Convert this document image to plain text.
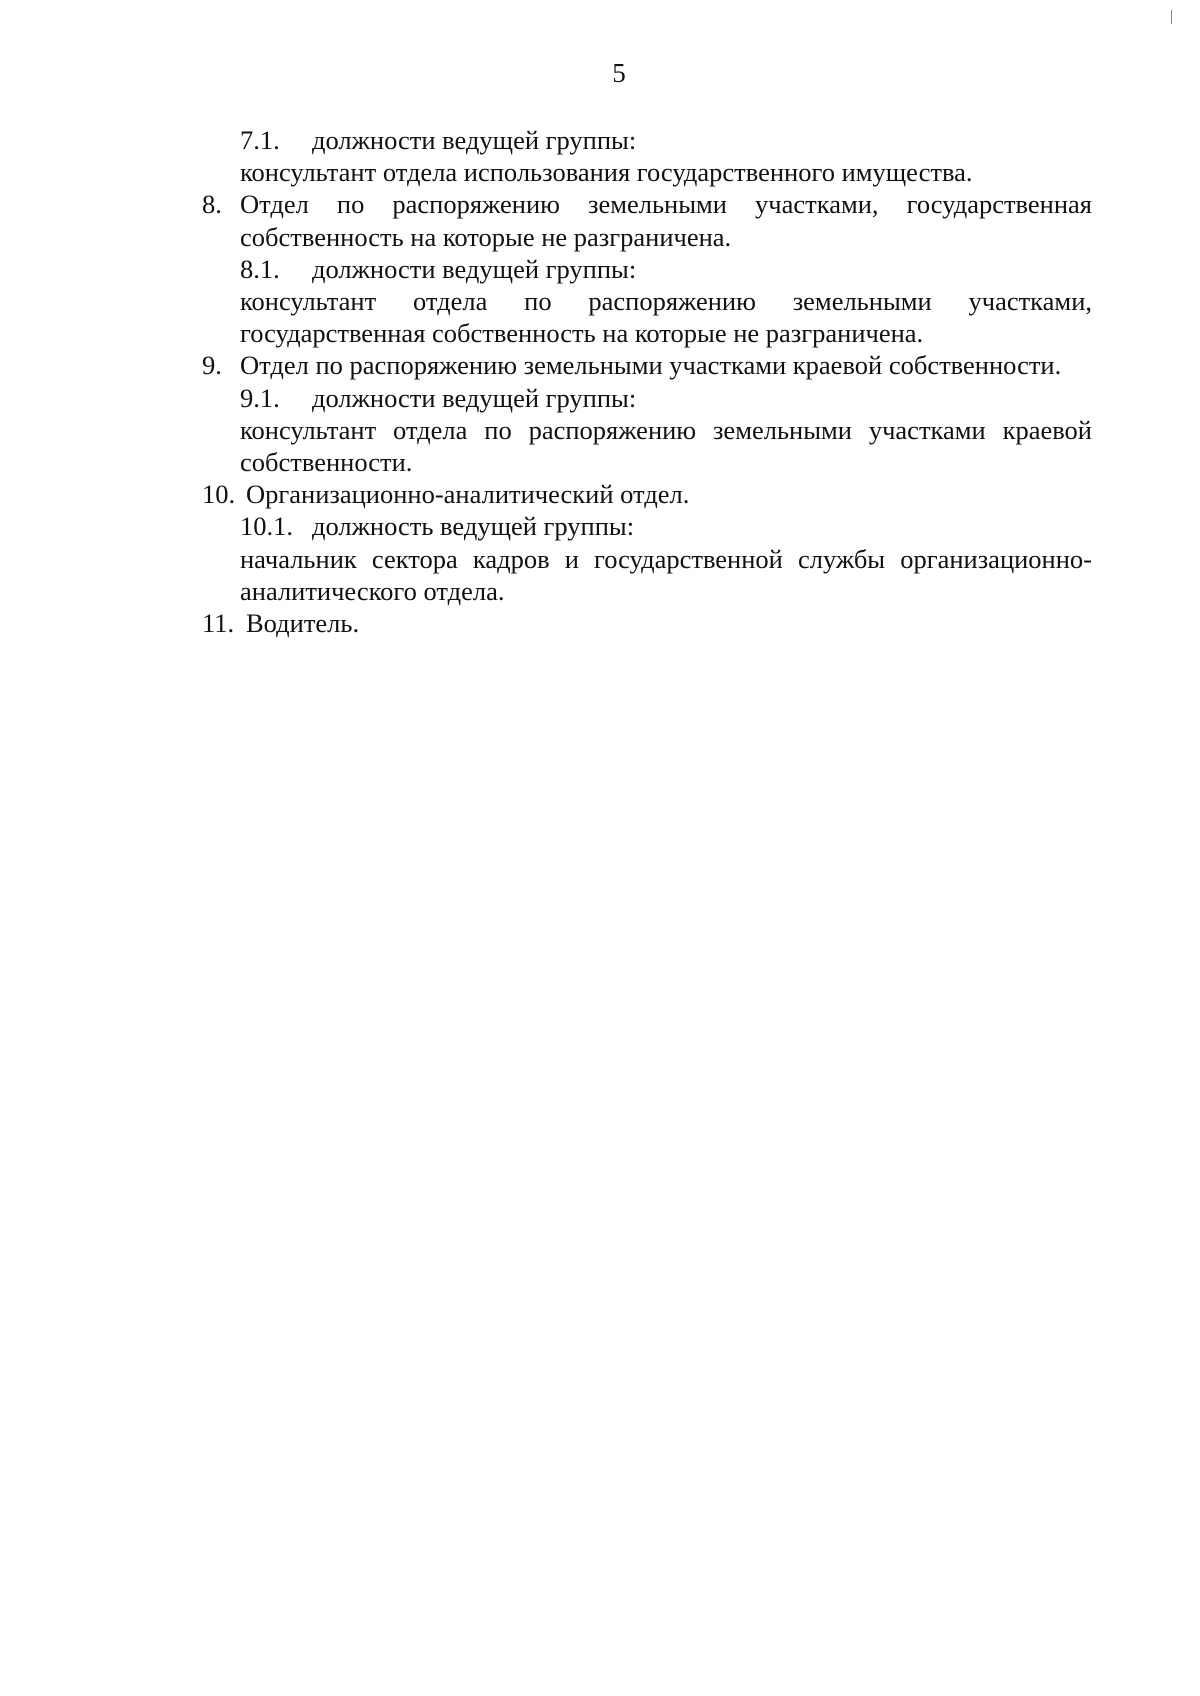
5
7.1.	должности ведущей группы:
консультант отдела использования государственного имущества.
8. Отдел по распоряжению земельными участками, государственная собственность на которые не разграничена.
8.1.	должности ведущей группы:
консультант отдела по распоряжению земельными участками, государственная собственность на которые не разграничена.
9. Отдел по распоряжению земельными участками краевой собственности.
9.1.	должности ведущей группы:
консультант отдела по распоряжению земельными участками краевой собственности.
10. Организационно-аналитический отдел.
10.1. должность ведущей группы:
начальник сектора кадров и государственной службы организационно-аналитического отдела.
11. Водитель.
